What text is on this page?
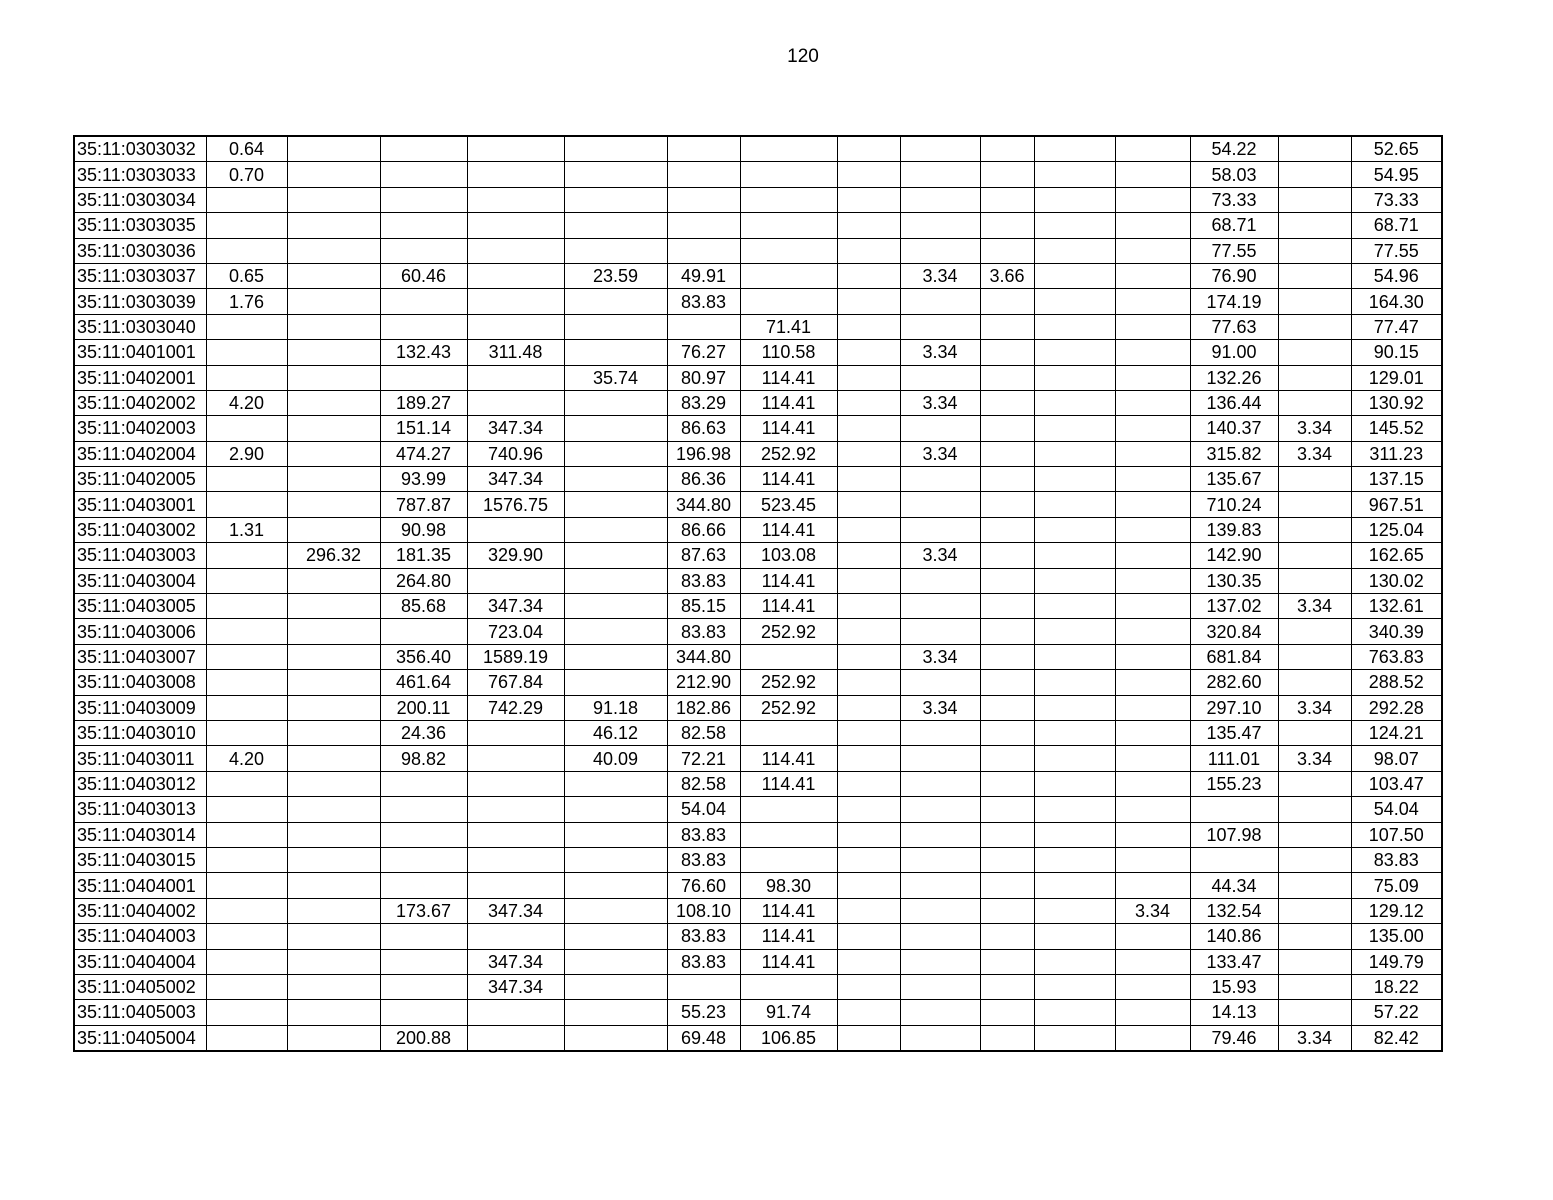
120
35:11:0303032	0.64												54.22		52.65
35:11:0303033	0.70												58.03		54.95
35:11:0303034													73.33		73.33
35:11:0303035													68.71		68.71
35:11:0303036													77.55		77.55
35:11:0303037	0.65		60.46		23.59	49.91			3.34	3.66			76.90		54.96
35:11:0303039	1.76					83.83							174.19		164.30
35:11:0303040							71.41						77.63		77.47
35:11:0401001			132.43	311.48		76.27	110.58		3.34				91.00		90.15
35:11:0402001					35.74	80.97	114.41						132.26		129.01
35:11:0402002	4.20		189.27			83.29	114.41		3.34				136.44		130.92
35:11:0402003			151.14	347.34		86.63	114.41						140.37	3.34	145.52
35:11:0402004	2.90		474.27	740.96		196.98	252.92		3.34				315.82	3.34	311.23
35:11:0402005			93.99	347.34		86.36	114.41						135.67		137.15
35:11:0403001			787.87	1576.75		344.80	523.45						710.24		967.51
35:11:0403002	1.31		90.98			86.66	114.41						139.83		125.04
35:11:0403003		296.32	181.35	329.90		87.63	103.08		3.34				142.90		162.65
35:11:0403004			264.80			83.83	114.41						130.35		130.02
35:11:0403005			85.68	347.34		85.15	114.41						137.02	3.34	132.61
35:11:0403006				723.04		83.83	252.92						320.84		340.39
35:11:0403007			356.40	1589.19		344.80			3.34				681.84		763.83
35:11:0403008			461.64	767.84		212.90	252.92						282.60		288.52
35:11:0403009			200.11	742.29	91.18	182.86	252.92		3.34				297.10	3.34	292.28
35:11:0403010			24.36		46.12	82.58							135.47		124.21
35:11:0403011	4.20		98.82		40.09	72.21	114.41						111.01	3.34	98.07
35:11:0403012						82.58	114.41						155.23		103.47
35:11:0403013						54.04									54.04
35:11:0403014						83.83							107.98		107.50
35:11:0403015						83.83									83.83
35:11:0404001						76.60	98.30						44.34		75.09
35:11:0404002			173.67	347.34		108.10	114.41					3.34	132.54		129.12
35:11:0404003						83.83	114.41						140.86		135.00
35:11:0404004				347.34		83.83	114.41						133.47		149.79
35:11:0405002				347.34									15.93		18.22
35:11:0405003						55.23	91.74						14.13		57.22
35:11:0405004			200.88			69.48	106.85						79.46	3.34	82.42
